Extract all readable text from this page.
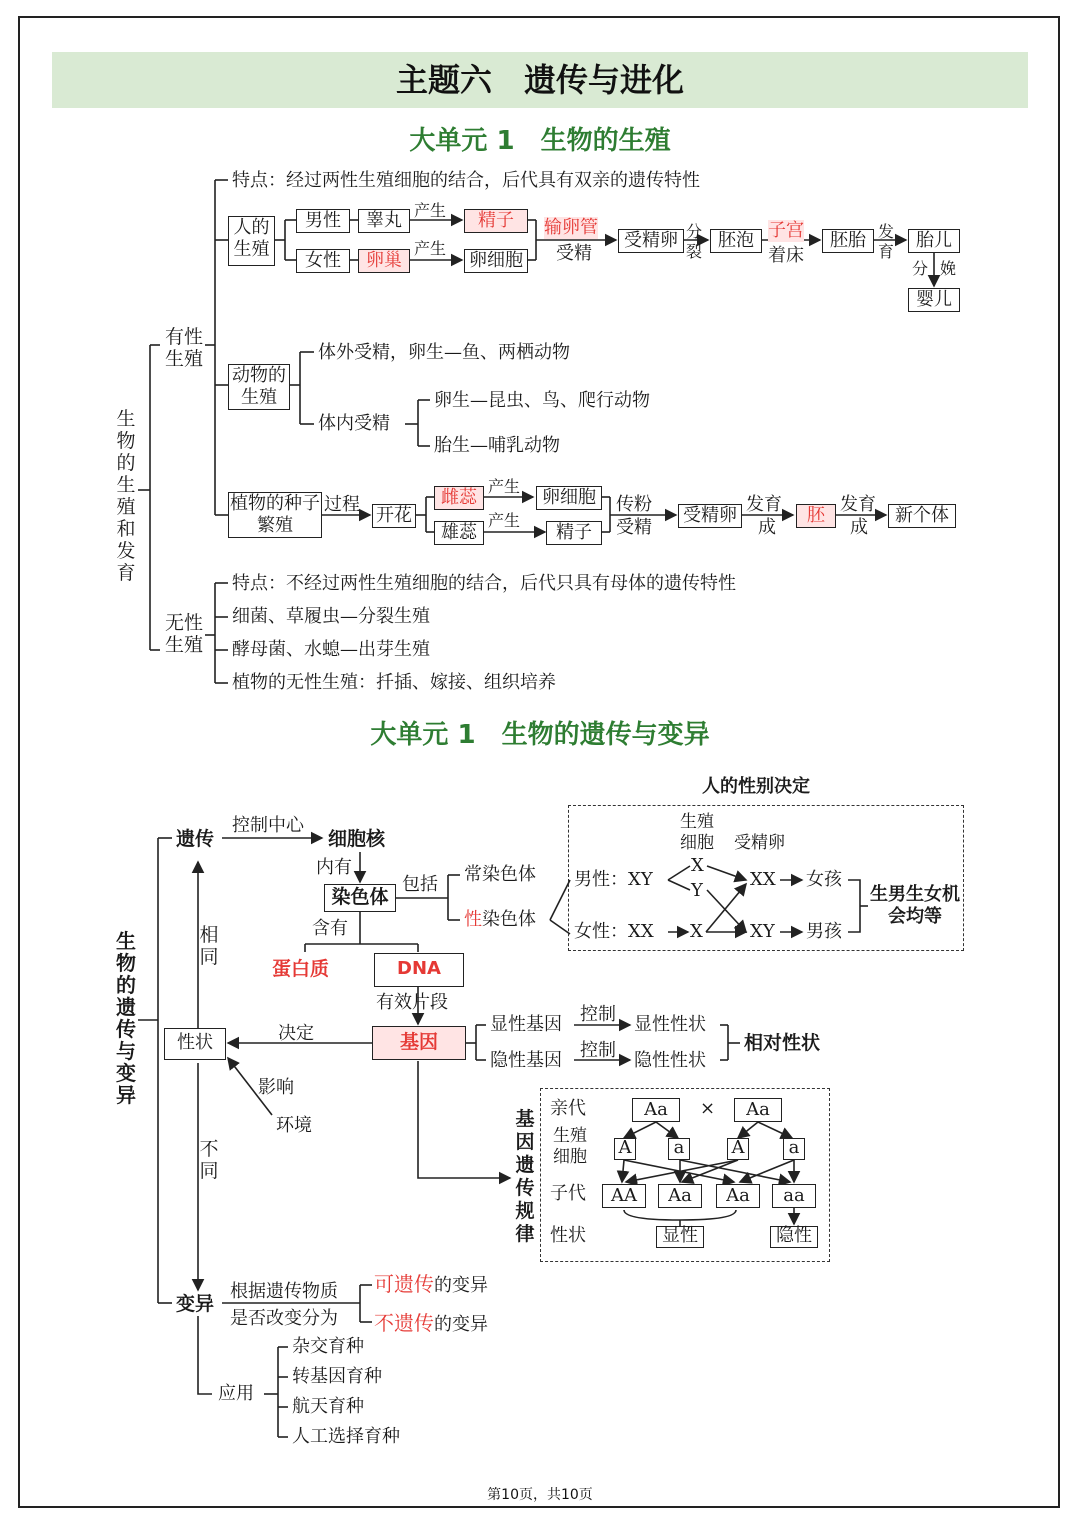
主题六　遗传与进化
大单元 1　生物的生殖
大单元 1　生物的遗传与变异
生物的生殖和发育
有性生殖
特点：经过两性生殖细胞的结合，后代具有双亲的遗传特性
人的生殖
男性	睾丸 产生	精子
女性	卵巢
产生
卵细胞
输卵管
受精
受精卵 分裂
胚泡 子宫
着床
胚胎 发育
胎儿
分娩
婴儿
动物的生殖
体外受精，卵生—鱼、两栖动物
体内受精
卵生—昆虫、鸟、爬行动物
胎生—哺乳动物
植物的种子繁殖
过程
开花
雌蕊
产生
卵细胞
雄蕊
产生
精子
传粉
受精
受精卵
发育
成
胚
发育
成
新个体
无性生殖
特点：不经过两性生殖细胞的结合，后代只具有母体的遗传特性
细菌、草履虫—分裂生殖
酵母菌、水螅—出芽生殖
植物的无性生殖：扦插、嫁接、组织培养
生物的遗传与变异
遗传
控制中心
细胞核
内有
染色体
包括 常染色体
性染色体
含有
蛋白质	DNA
有效片段
基因
决定
性状
影响
环境
相同
不同
显性基因
隐性基因
控制
控制
显性性状
隐性性状
相对性状
人的性别决定
生殖细胞 受精卵
男性：XY
女性：XX
X
Y
X
XX 女孩
XY 男孩
生男生女机会均等
基因遗传规律
亲代
生殖细胞
子代
性状
Aa	×	Aa
A	a	A	a
AA	Aa	Aa	aa
显性	隐性
变异
根据遗传物质
是否改变分为
可遗传的变异
不遗传的变异
应用
杂交育种
转基因育种
航天育种
人工选择育种
第10页，共10页
